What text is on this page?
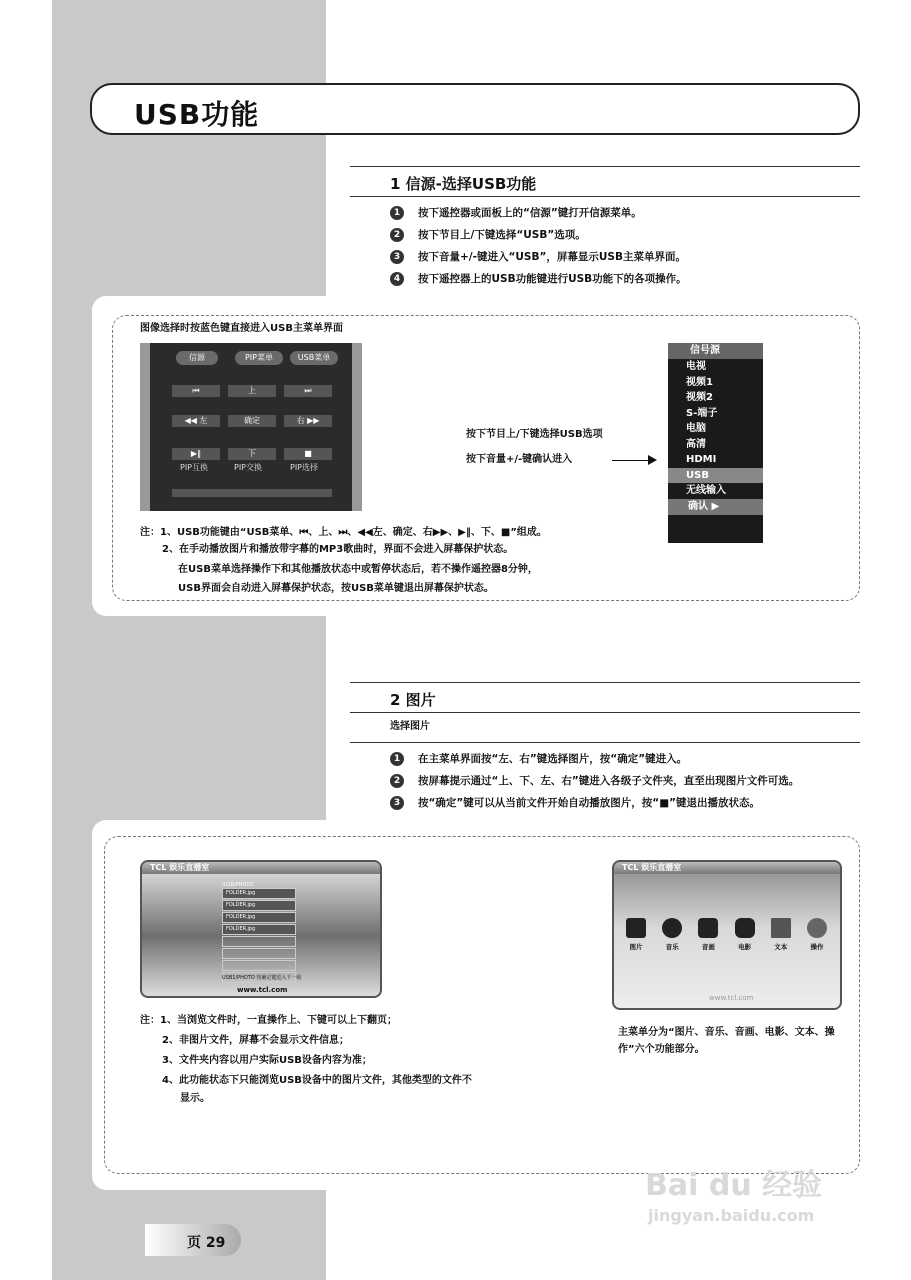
USB功能
1 信源-选择USB功能
1	按下遥控器或面板上的“信源”键打开信源菜单。
2	按下节目上/下键选择“USB”选项。
3	按下音量+/-键进入“USB”，屏幕显示USB主菜单界面。
4	按下遥控器上的USB功能键进行USB功能下的各项操作。
图像选择时按蓝色键直接进入USB主菜单界面
信源	PIP菜单	USB菜单
⏮	上	⏭
◀◀ 左	确定	右 ▶▶
▶‖	下	■
PIP互换	PIP交换	PIP选择
按下节目上/下键选择USB选项
按下音量+/-键确认进入
信号源
电视
视频1
视频2
S-端子
电脑
高清
HDMI
USB
无线输入
确认 ▶
注：1、USB功能键由“USB菜单、⏮、上、⏭、◀◀左、确定、右▶▶、▶‖、下、■”组成。
2、在手动播放图片和播放带字幕的MP3歌曲时，界面不会进入屏幕保护状态。
在USB菜单选择操作下和其他播放状态中或暂停状态后，若不操作遥控器8分钟，
USB界面会自动进入屏幕保护状态，按USB菜单键退出屏幕保护状态。
2 图片
选择图片
1	在主菜单界面按“左、右”键选择图片，按“确定”键进入。
2	按屏幕提示通过“上、下、左、右”键进入各级子文件夹，直至出现图片文件可选。
3	按“确定”键可以从当前文件开始自动播放图片，按“■”键退出播放状态。
TCL 娱乐直播室
/USB/PHOTO
FOLDER.jpg
FOLDER.jpg
FOLDER.jpg
FOLDER.jpg
USB1/PHOTO 按确定键进入下一级
www.tcl.com
TCL 娱乐直播室
图片	音乐	音画	电影	文本	操作
www.tcl.com
注：1、当浏览文件时，一直操作上、下键可以上下翻页；
2、非图片文件，屏幕不会显示文件信息；
3、文件夹内容以用户实际USB设备内容为准；
4、此功能状态下只能浏览USB设备中的图片文件，其他类型的文件不
显示。
主菜单分为“图片、音乐、音画、电影、文本、操作”六个功能部分。
页 29
Bai du 经验
jingyan.baidu.com
